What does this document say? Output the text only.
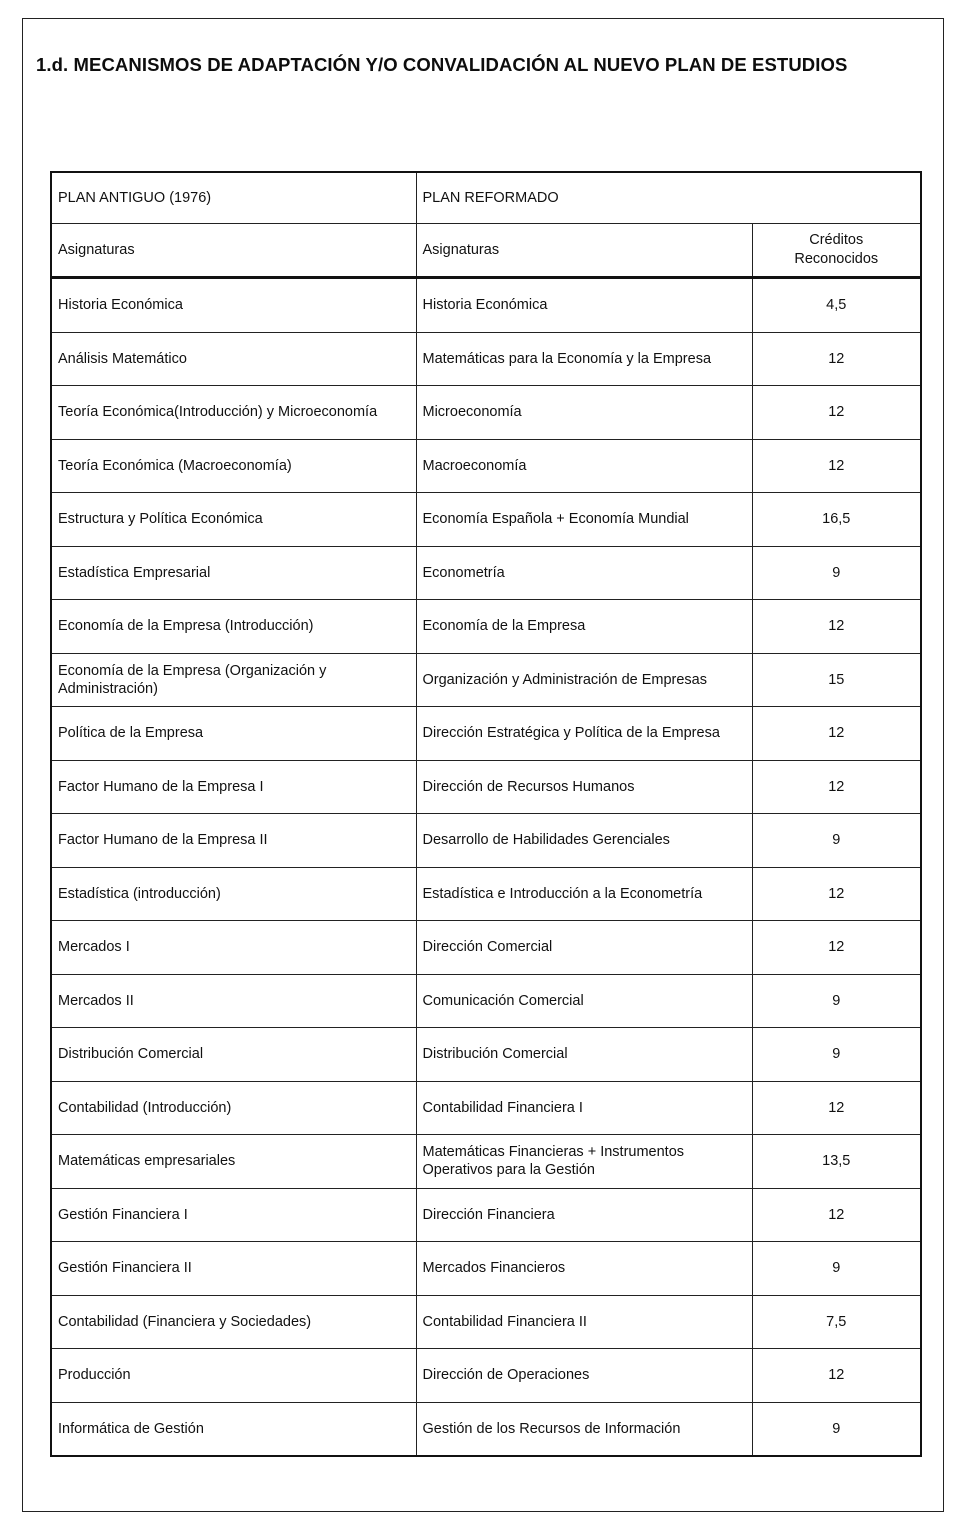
1.d. MECANISMOS DE ADAPTACIÓN Y/O CONVALIDACIÓN AL NUEVO PLAN DE ESTUDIOS
PLAN ANTIGUO (1976)	PLAN REFORMADO	
Asignaturas	Asignaturas	Créditos
Reconocidos
Historia Económica	Historia Económica	4,5
Análisis Matemático	Matemáticas para la Economía y la Empresa	12
Teoría Económica(Introducción) y Microeconomía	Microeconomía	12
Teoría Económica (Macroeconomía)	Macroeconomía	12
Estructura y Política Económica	Economía Española + Economía Mundial	16,5
Estadística Empresarial	Econometría	9
Economía de la Empresa (Introducción)	Economía de la Empresa	12
Economía de la Empresa (Organización y Administración)	Organización y Administración de Empresas	15
Política de la Empresa	Dirección Estratégica y Política de la Empresa	12
Factor Humano de la Empresa I	Dirección de Recursos Humanos	12
Factor Humano de la Empresa II	Desarrollo de Habilidades Gerenciales	9
Estadística (introducción)	Estadística e Introducción a la Econometría	12
Mercados I	Dirección Comercial	12
Mercados II	Comunicación Comercial	9
Distribución Comercial	Distribución Comercial	9
Contabilidad (Introducción)	Contabilidad Financiera I	12
Matemáticas empresariales	Matemáticas Financieras + Instrumentos Operativos para la Gestión	13,5
Gestión Financiera I	Dirección Financiera	12
Gestión Financiera II	Mercados Financieros	9
Contabilidad (Financiera y Sociedades)	Contabilidad Financiera II	7,5
Producción	Dirección de Operaciones	12
Informática de Gestión	Gestión de los Recursos de Información	9
